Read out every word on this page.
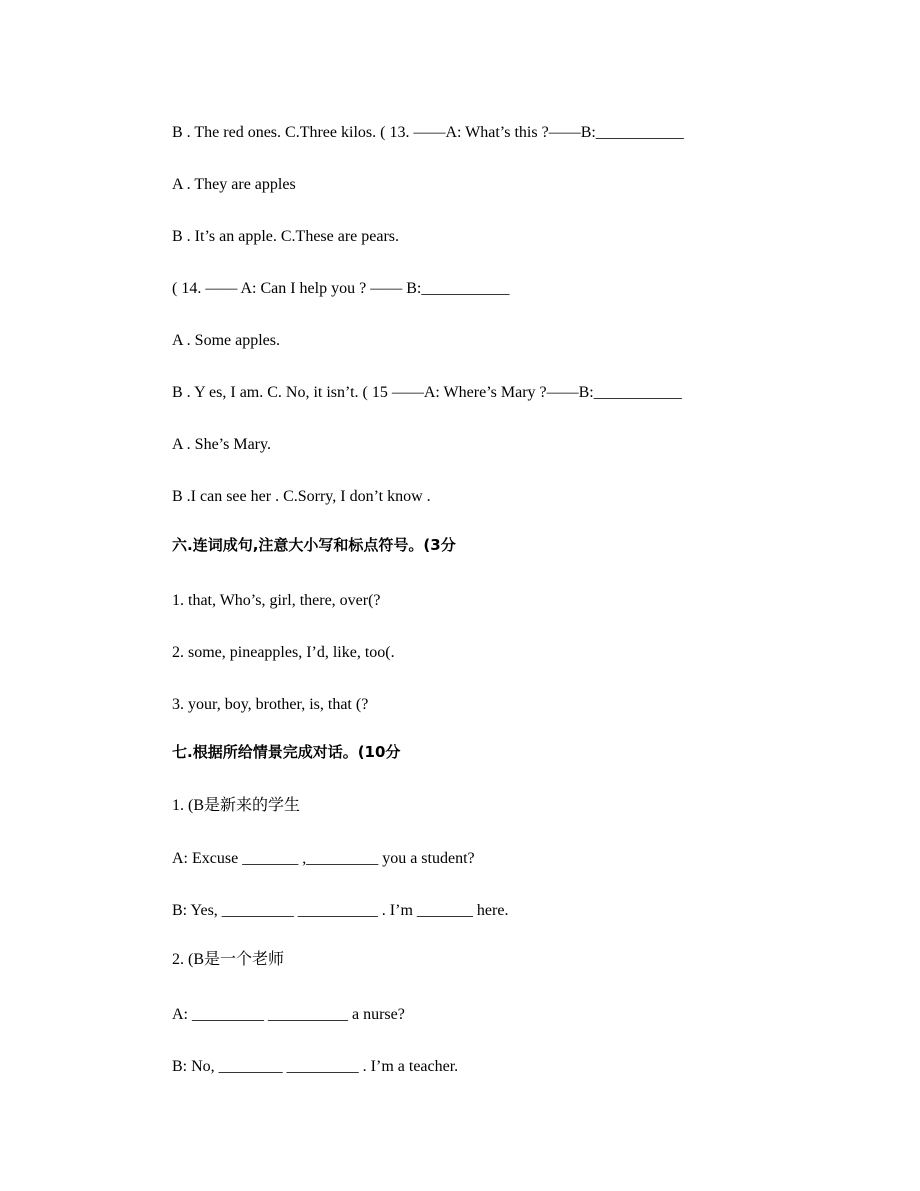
B . The red ones. C.Three kilos. ( 13. ——A: What’s this ?——B:___________
A . They are apples
B . It’s an apple. C.These are pears.
( 14. —— A: Can I help you ? —— B:___________
A . Some apples.
B . Y es, I am. C. No, it isn’t. ( 15 ——A: Where’s Mary ?——B:___________
A . She’s Mary.
B .I can see her . C.Sorry, I don’t know .
六.连词成句,注意大小写和标点符号。(3分
1. that, Who’s, girl, there, over(?
2. some, pineapples, I’d, like, too(.
3. your, boy, brother, is, that (?
七.根据所给情景完成对话。(10分
1. (B是新来的学生
A: Excuse _______ ,_________ you a student?
B: Yes, _________ __________ . I’m _______ here.
2. (B是一个老师
A: _________ __________ a nurse?
B: No, ________ _________ . I’m a teacher.
